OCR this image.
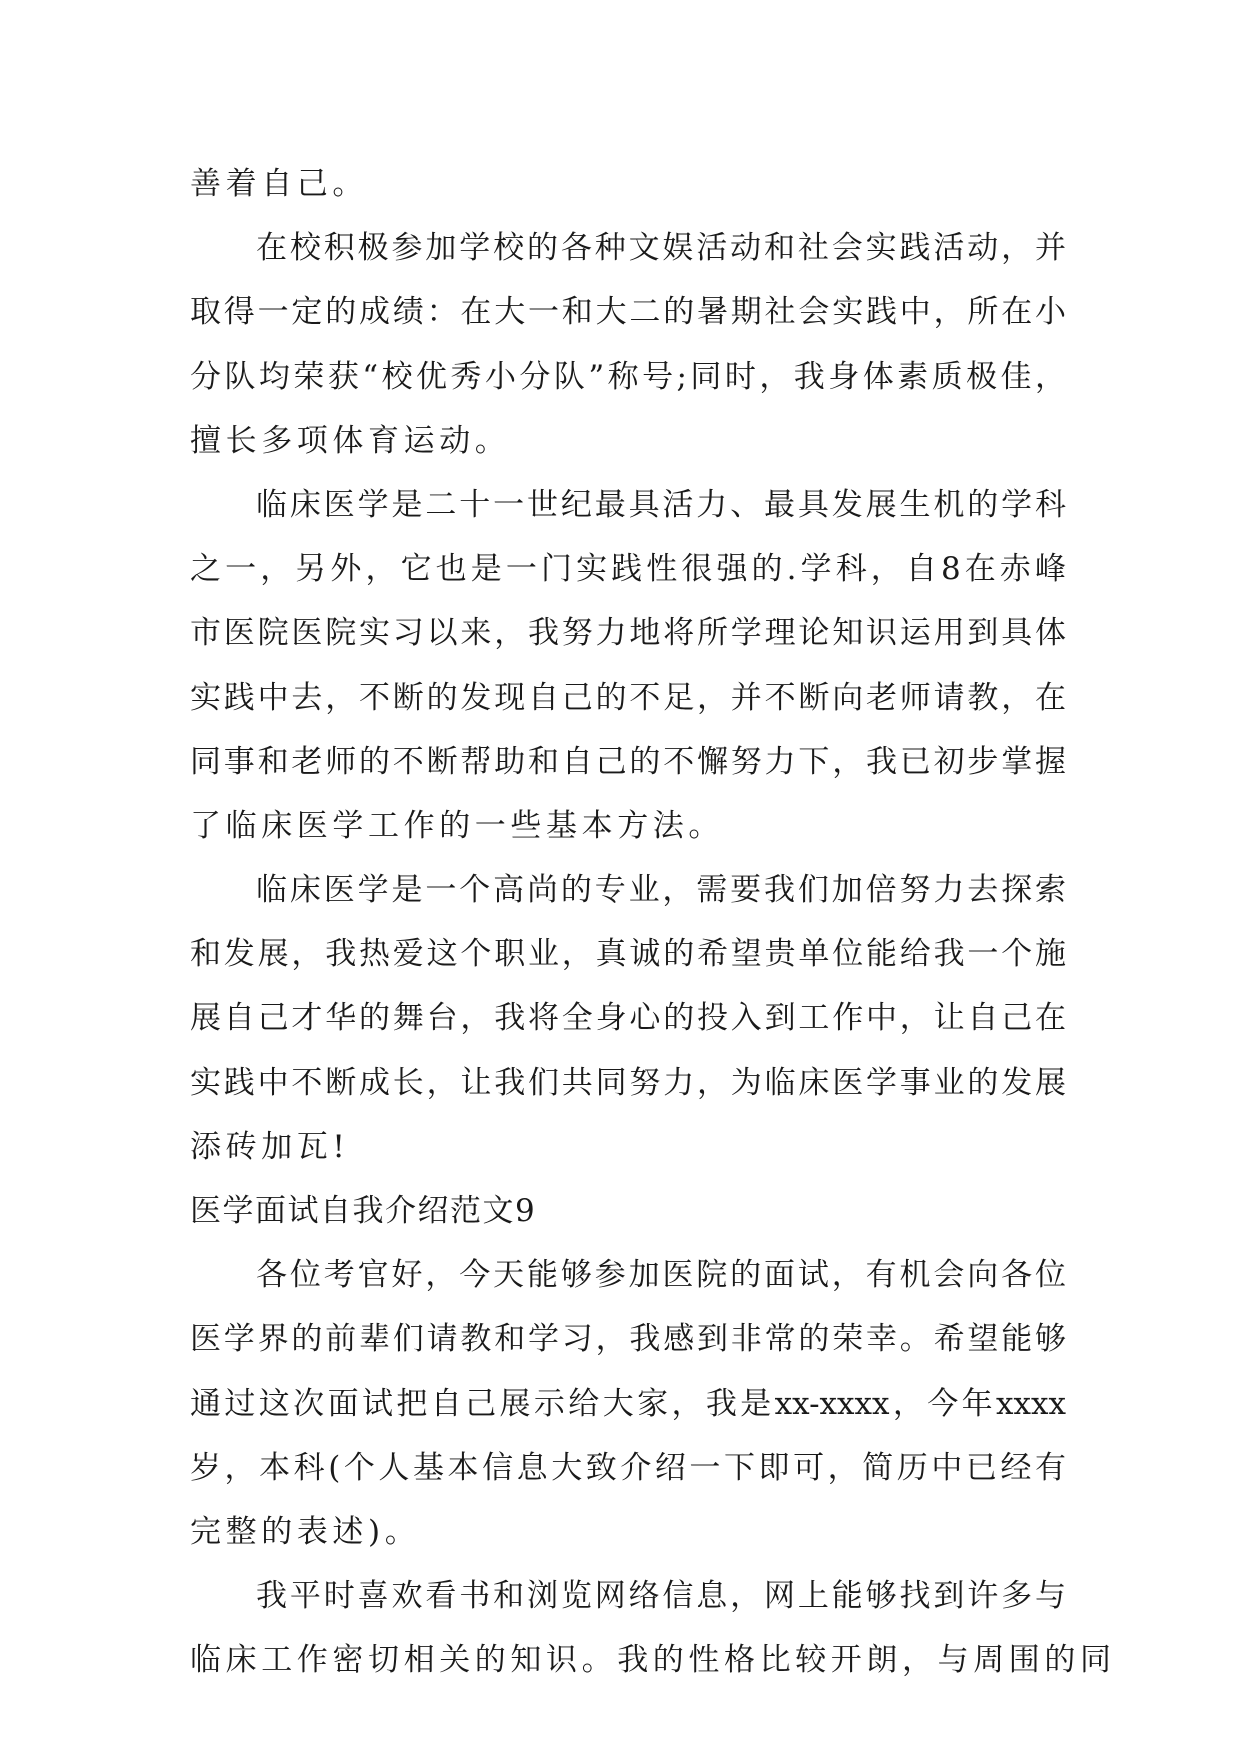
善着自己。
在校积极参加学校的各种文娱活动和社会实践活动，并
取得一定的成绩：在大一和大二的暑期社会实践中，所在小
分队均荣获“校优秀小分队”称号;同时，我身体素质极佳，
擅长多项体育运动。
临床医学是二十一世纪最具活力、最具发展生机的学科
之一，另外，它也是一门实践性很强的.学科，自8在赤峰
市医院医院实习以来，我努力地将所学理论知识运用到具体
实践中去，不断的发现自己的不足，并不断向老师请教，在
同事和老师的不断帮助和自己的不懈努力下，我已初步掌握
了临床医学工作的一些基本方法。
临床医学是一个高尚的专业，需要我们加倍努力去探索
和发展，我热爱这个职业，真诚的希望贵单位能给我一个施
展自己才华的舞台，我将全身心的投入到工作中，让自己在
实践中不断成长，让我们共同努力，为临床医学事业的发展
添砖加瓦!
医学面试自我介绍范文9
各位考官好，今天能够参加医院的面试，有机会向各位
医学界的前辈们请教和学习，我感到非常的荣幸。希望能够
通过这次面试把自己展示给大家，我是xx-xxxx，今年xxxx
岁，本科(个人基本信息大致介绍一下即可，简历中已经有
完整的表述)。
我平时喜欢看书和浏览网络信息，网上能够找到许多与
临床工作密切相关的知识。我的性格比较开朗，与周围的同
